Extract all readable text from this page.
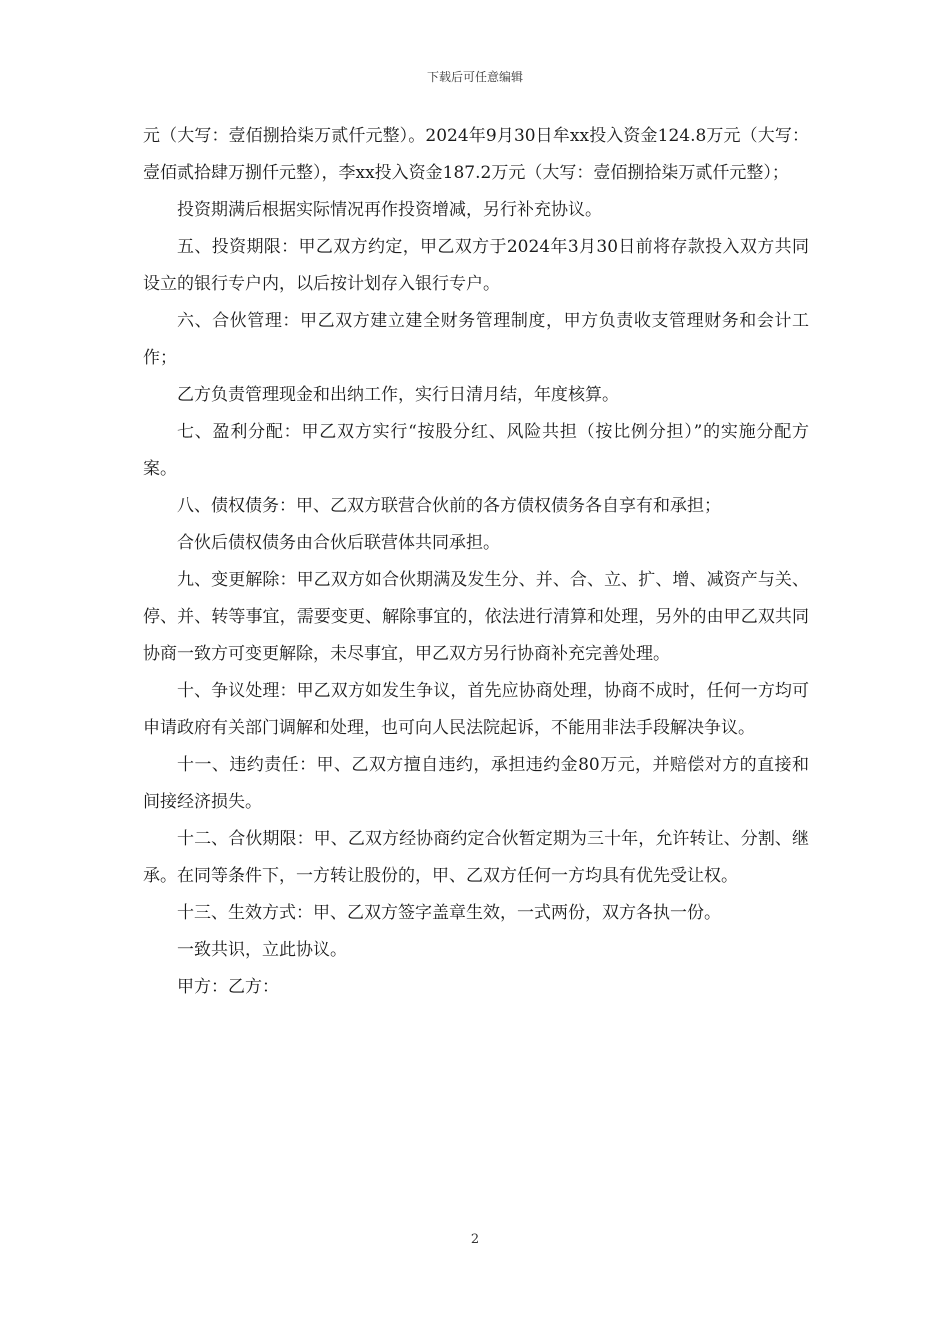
下载后可任意编辑

元（大写：壹佰捌拾柒万贰仟元整）。2024年9月30日牟xx投入资金124.8万元（大写：壹佰贰拾肆万捌仟元整），李xx投入资金187.2万元（大写：壹佰捌拾柒万贰仟元整）；

投资期满后根据实际情况再作投资增减，另行补充协议。

五、投资期限：甲乙双方约定，甲乙双方于2024年3月30日前将存款投入双方共同设立的银行专户内，以后按计划存入银行专户。

六、合伙管理：甲乙双方建立建全财务管理制度，甲方负责收支管理财务和会计工作；

乙方负责管理现金和出纳工作，实行日清月结，年度核算。

七、盈利分配：甲乙双方实行“按股分红、风险共担（按比例分担）”的实施分配方案。

八、债权债务：甲、乙双方联营合伙前的各方债权债务各自享有和承担；

合伙后债权债务由合伙后联营体共同承担。

九、变更解除：甲乙双方如合伙期满及发生分、并、合、立、扩、增、减资产与关、停、并、转等事宜，需要变更、解除事宜的，依法进行清算和处理，另外的由甲乙双共同协商一致方可变更解除，未尽事宜，甲乙双方另行协商补充完善处理。

十、争议处理：甲乙双方如发生争议，首先应协商处理，协商不成时，任何一方均可申请政府有关部门调解和处理，也可向人民法院起诉，不能用非法手段解决争议。

十一、违约责任：甲、乙双方擅自违约，承担违约金80万元，并赔偿对方的直接和间接经济损失。

十二、合伙期限：甲、乙双方经协商约定合伙暂定期为三十年，允许转让、分割、继承。在同等条件下，一方转让股份的，甲、乙双方任何一方均具有优先受让权。

十三、生效方式：甲、乙双方签字盖章生效，一式两份，双方各执一份。

一致共识，立此协议。

甲方：乙方：

2
